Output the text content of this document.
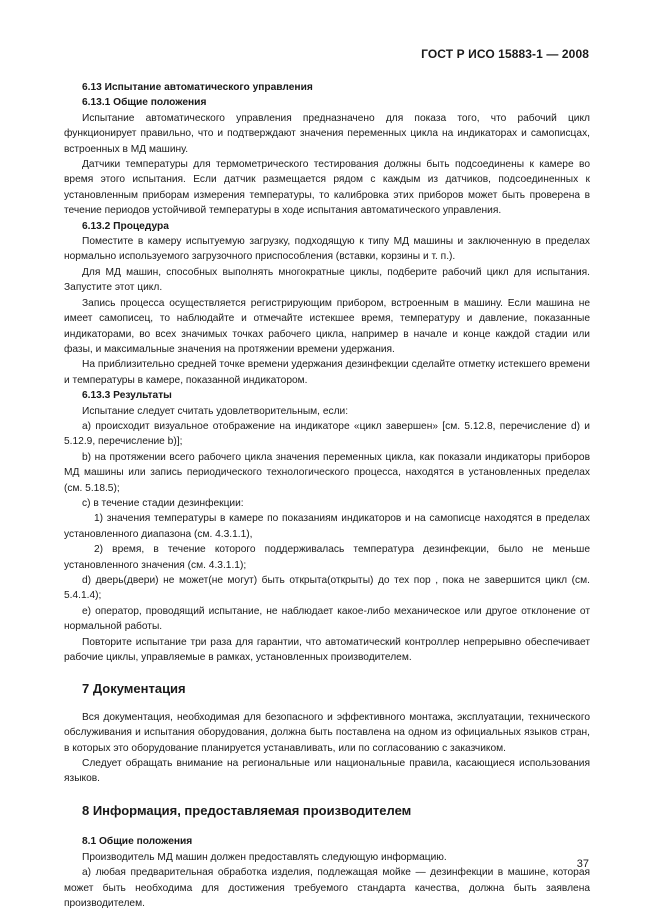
ГОСТ Р ИСО 15883-1 — 2008
6.13 Испытание автоматического управления
6.13.1 Общие положения

Испытание автоматического управления предназначено для показа того, что рабочий цикл функционирует правильно, что и подтверждают значения переменных цикла на индикаторах и самописцах, встроенных в МД машину.

Датчики температуры для термометрического тестирования должны быть подсоединены к камере во время этого испытания. Если датчик размещается рядом с каждым из датчиков, подсоединенных к установленным приборам измерения температуры, то калибровка этих приборов может быть проверена в течение периодов устойчивой температуры в ходе испытания автоматического управления.

6.13.2 Процедура

Поместите в камеру испытуемую загрузку, подходящую к типу МД машины и заключенную в пределах нормально используемого загрузочного приспособления (вставки, корзины и т. п.).

Для МД машин, способных выполнять многократные циклы, подберите рабочий цикл для испытания. Запустите этот цикл.

Запись процесса осуществляется регистрирующим прибором, встроенным в машину. Если машина не имеет самописец, то наблюдайте и отмечайте истекшее время, температуру и давление, показанные индикаторами, во всех значимых точках рабочего цикла, например в начале и конце каждой стадии или фазы, и максимальные значения на протяжении времени удержания.

На приблизительно средней точке времени удержания дезинфекции сделайте отметку истекшего времени и температуры в камере, показанной индикатором.

6.13.3 Результаты

Испытание следует считать удовлетворительным, если:

a) происходит визуальное отображение на индикаторе «цикл завершен» [см. 5.12.8, перечисление d) и 5.12.9, перечисление b)];

b) на протяжении всего рабочего цикла значения переменных цикла, как показали индикаторы приборов МД машины или запись периодического технологического процесса, находятся в установленных пределах (см. 5.18.5);

c) в течение стадии дезинфекции:

1) значения температуры в камере по показаниям индикаторов и на самописце находятся в пределах установленного диапазона (см. 4.3.1.1),

2) время, в течение которого поддерживалась температура дезинфекции, было не меньше установленного значения (см. 4.3.1.1);

d) дверь(двери) не может(не могут) быть открыта(открыты) до тех пор , пока не завершится цикл (см. 5.4.1.4);

e) оператор, проводящий испытание, не наблюдает какое-либо механическое или другое отклонение от нормальной работы.

Повторите испытание три раза для гарантии, что автоматический контроллер непрерывно обеспечивает рабочие циклы, управляемые в рамках, установленных производителем.

7 Документация

Вся документация, необходимая для безопасного и эффективного монтажа, эксплуатации, технического обслуживания и испытания оборудования, должна быть поставлена на одном из официальных языков стран, в которых это оборудование планируется устанавливать, или по согласованию с заказчиком.

Следует обращать внимание на региональные или национальные правила, касающиеся использования языков.

8 Информация, предоставляемая производителем
8.1 Общие положения

Производитель МД машин должен предоставлять следующую информацию.

a) любая предварительная обработка изделия, подлежащая мойке — дезинфекции в машине, которая может быть необходима для достижения требуемого стандарта качества, должна быть заявлена производителем.

37
